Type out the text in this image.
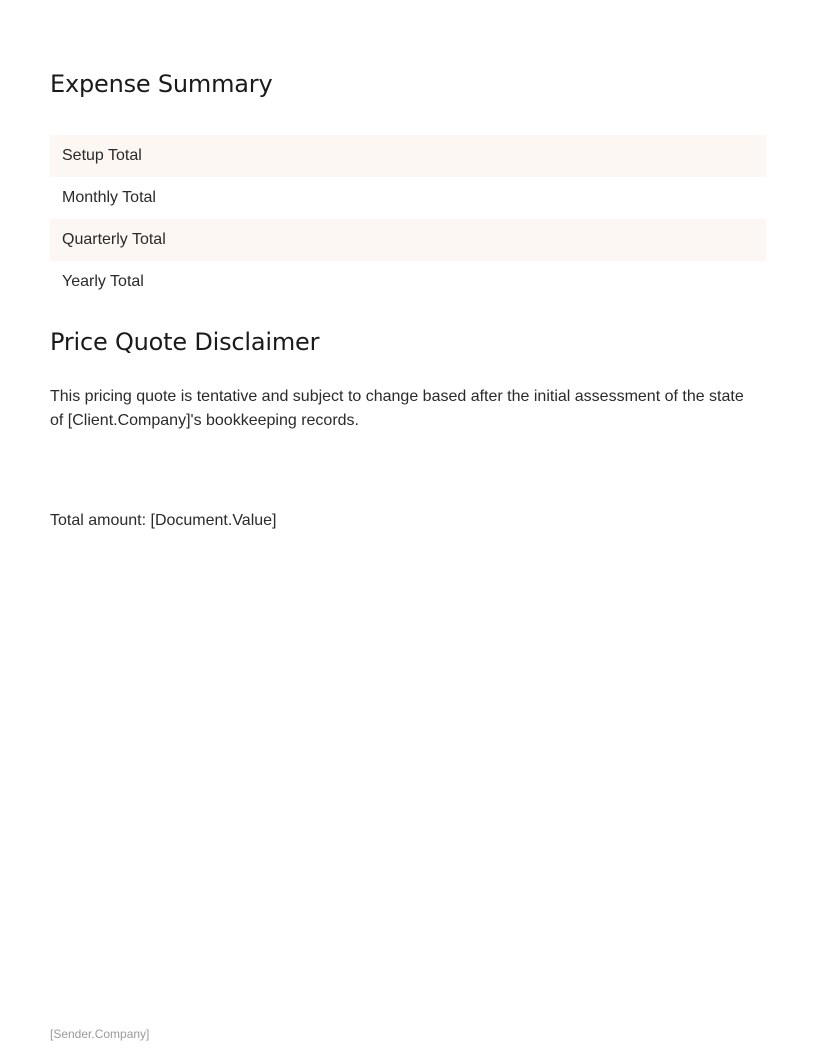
Expense Summary
Setup Total
Monthly Total
Quarterly Total
Yearly Total
Price Quote Disclaimer

This pricing quote is tentative and subject to change based after the initial assessment of the state of [Client.Company]'s bookkeeping records.

Total amount: [Document.Value]

[Sender.Company]
